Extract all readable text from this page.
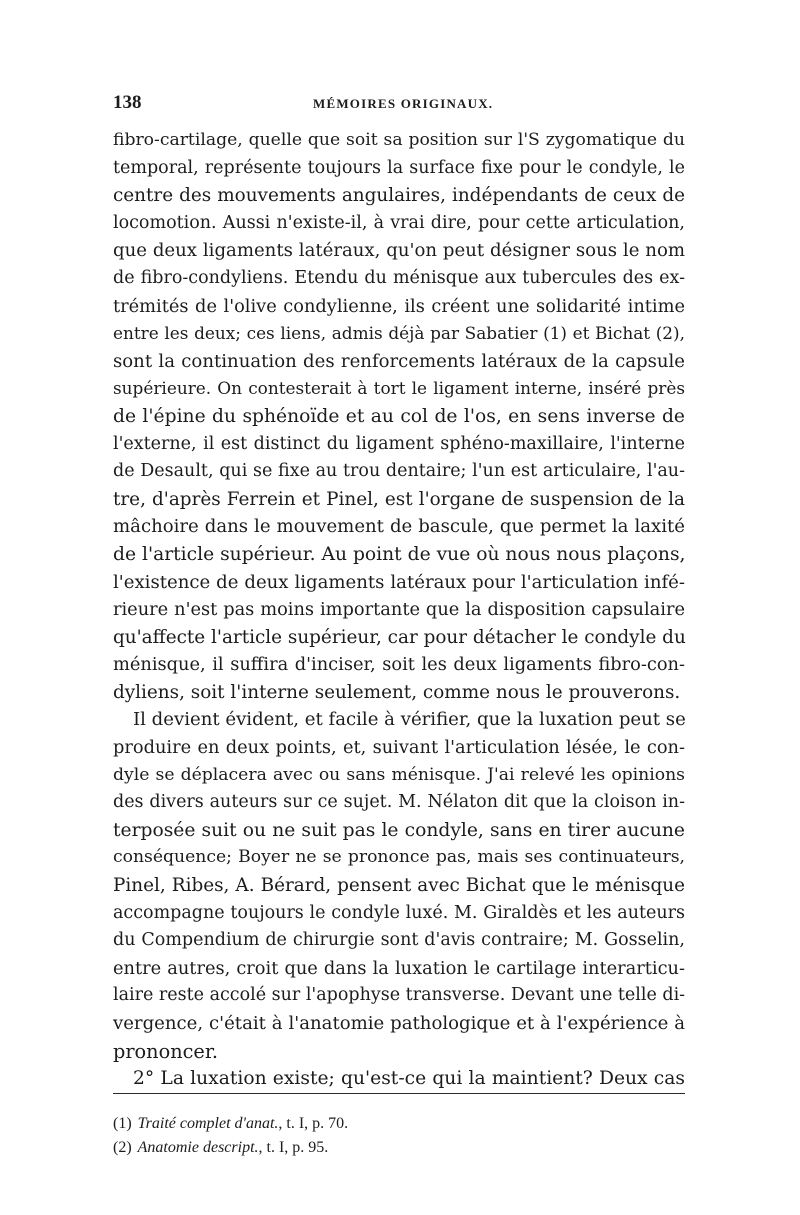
138	MÉMOIRES ORIGINAUX.
fibro-cartilage, quelle que soit sa position sur l'S zygomatique du
temporal, représente toujours la surface fixe pour le condyle, le
centre des mouvements angulaires, indépendants de ceux de
locomotion. Aussi n'existe-il, à vrai dire, pour cette articulation,
que deux ligaments latéraux, qu'on peut désigner sous le nom
de fibro-condyliens. Etendu du ménisque aux tubercules des ex-
trémités de l'olive condylienne, ils créent une solidarité intime
entre les deux; ces liens, admis déjà par Sabatier (1) et Bichat (2),
sont la continuation des renforcements latéraux de la capsule
supérieure. On contesterait à tort le ligament interne, inséré près
de l'épine du sphénoïde et au col de l'os, en sens inverse de
l'externe, il est distinct du ligament sphéno-maxillaire, l'interne
de Desault, qui se fixe au trou dentaire; l'un est articulaire, l'au-
tre, d'après Ferrein et Pinel, est l'organe de suspension de la
mâchoire dans le mouvement de bascule, que permet la laxité
de l'article supérieur. Au point de vue où nous nous plaçons,
l'existence de deux ligaments latéraux pour l'articulation infé-
rieure n'est pas moins importante que la disposition capsulaire
qu'affecte l'article supérieur, car pour détacher le condyle du
ménisque, il suffira d'inciser, soit les deux ligaments fibro-con-
dyliens, soit l'interne seulement, comme nous le prouverons.
Il devient évident, et facile à vérifier, que la luxation peut se
produire en deux points, et, suivant l'articulation lésée, le con-
dyle se déplacera avec ou sans ménisque. J'ai relevé les opinions
des divers auteurs sur ce sujet. M. Nélaton dit que la cloison in-
terposée suit ou ne suit pas le condyle, sans en tirer aucune
conséquence; Boyer ne se prononce pas, mais ses continuateurs,
Pinel, Ribes, A. Bérard, pensent avec Bichat que le ménisque
accompagne toujours le condyle luxé. M. Giraldès et les auteurs
du Compendium de chirurgie sont d'avis contraire; M. Gosselin,
entre autres, croit que dans la luxation le cartilage interarticu-
laire reste accolé sur l'apophyse transverse. Devant une telle di-
vergence, c'était à l'anatomie pathologique et à l'expérience à
prononcer.
2° La luxation existe; qu'est-ce qui la maintient? Deux cas
(1) Traité complet d'anat., t. I, p. 70.
(2) Anatomie descript., t. I, p. 95.
